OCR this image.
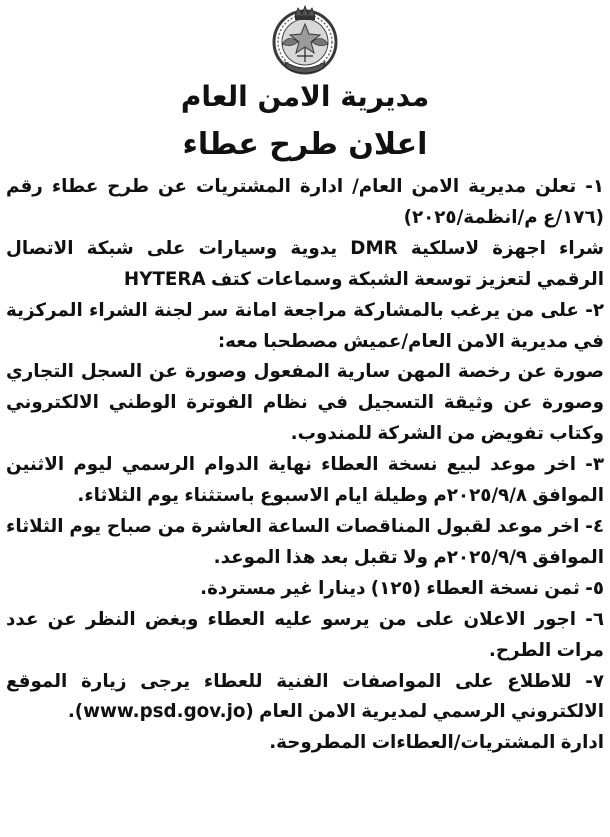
مديرية الامن العام
اعلان طرح عطاء

١- تعلن مديرية الامن العام/ ادارة المشتريات عن طرح عطاء رقم (١٧٦/ع م/انظمة/٢٠٢٥)

شراء اجهزة لاسلكية DMR يدوية وسيارات على شبكة الاتصال الرقمي لتعزيز توسعة الشبكة وسماعات كتف HYTERA

٢- على من يرغب بالمشاركة مراجعة امانة سر لجنة الشراء المركزية في مديرية الامن العام/عميش مصطحبا معه:

صورة عن رخصة المهن سارية المفعول وصورة عن السجل التجاري وصورة عن وثيقة التسجيل في نظام الفوترة الوطني الالكتروني وكتاب تفويض من الشركة للمندوب.

٣- اخر موعد لبيع نسخة العطاء نهاية الدوام الرسمي ليوم الاثنين الموافق ٢٠٢٥/٩/٨م وطيلة ايام الاسبوع باستثناء يوم الثلاثاء.

٤- اخر موعد لقبول المناقصات الساعة العاشرة من صباح يوم الثلاثاء الموافق ٢٠٢٥/٩/٩م ولا تقبل بعد هذا الموعد.

٥- ثمن نسخة العطاء (١٢٥) دينارا غير مستردة.

٦- اجور الاعلان على من يرسو عليه العطاء وبغض النظر عن عدد مرات الطرح.

٧- للاطلاع على المواصفات الفنية للعطاء يرجى زيارة الموقع الالكتروني الرسمي لمديرية الامن العام (www.psd.gov.jo).

ادارة المشتريات/العطاءات المطروحة.
